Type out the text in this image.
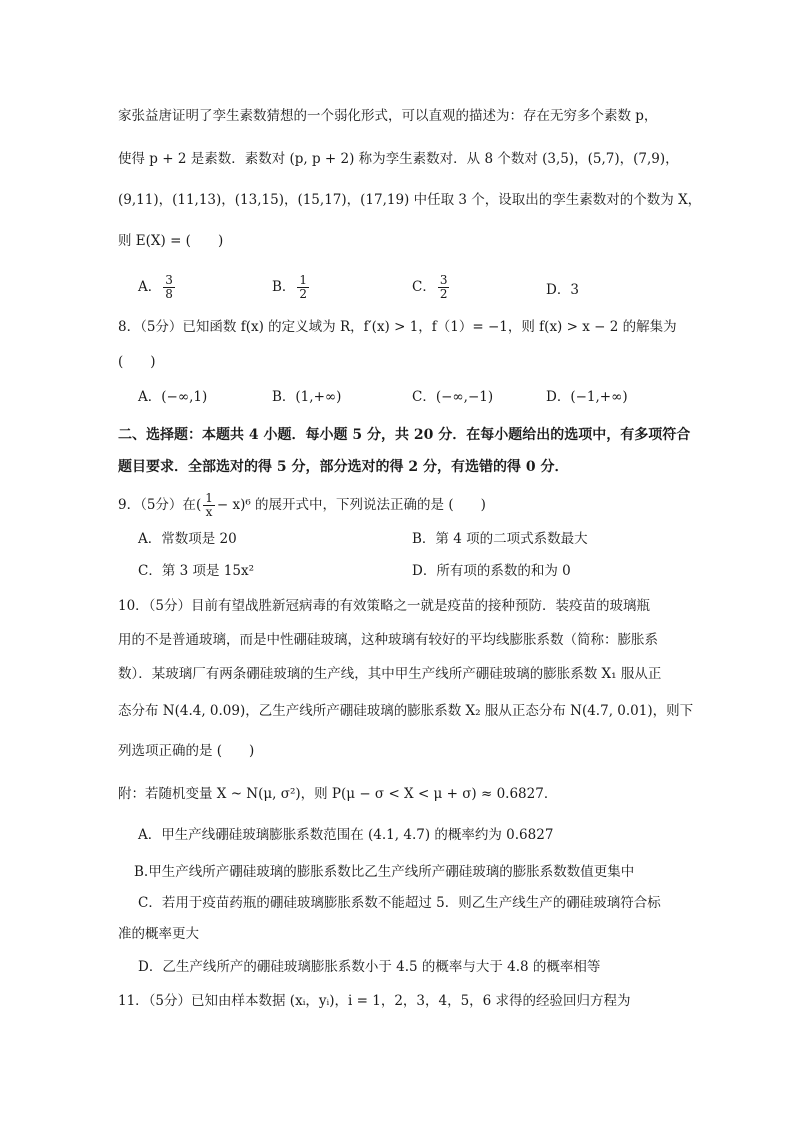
家张益唐证明了孪生素数猜想的一个弱化形式，可以直观的描述为：存在无穷多个素数 p，
使得 p + 2 是素数．素数对 (p, p + 2) 称为孪生素数对．从 8 个数对 (3,5)，(5,7)，(7,9)，
(9,11)，(11,13)，(13,15)，(15,17)，(17,19) 中任取 3 个，设取出的孪生素数对的个数为 X，
则 E(X) = (　　)
A． $\frac{3}{8}$	B． $\frac{1}{2}$	C． $\frac{3}{2}$	D．3
8．（5分）已知函数 f(x) 的定义域为 R，f′(x) > 1，f（1）= −1，则 f(x) > x − 2 的解集为
(　　)
A．(−∞,1)	B．(1,+∞)	C．(−∞,−1)	D．(−1,+∞)
二、选择题：本题共 4 小题．每小题 5 分，共 20 分．在每小题给出的选项中，有多项符合
题目要求．全部选对的得 5 分，部分选对的得 2 分，有选错的得 0 分．
9．（5分）在( $\frac{1}{x} - x)^6$ 的展开式中，下列说法正确的是 (　　)
A．常数项是 20	B．第 4 项的二项式系数最大
C．第 3 项是 15x²	D．所有项的系数的和为 0
10．（5分）目前有望战胜新冠病毒的有效策略之一就是疫苗的接种预防．装疫苗的玻璃瓶
用的不是普通玻璃，而是中性硼硅玻璃，这种玻璃有较好的平均线膨胀系数（简称：膨胀系
数）．某玻璃厂有两条硼硅玻璃的生产线，其中甲生产线所产硼硅玻璃的膨胀系数 X₁ 服从正
态分布 N(4.4, 0.09)，乙生产线所产硼硅玻璃的膨胀系数 X₂ 服从正态分布 N(4.7, 0.01)，则下
列选项正确的是 (　　)
附：若随机变量 X ~ N(μ, σ²)，则 P(μ − σ < X < μ + σ) ≈ 0.6827．
A．甲生产线硼硅玻璃膨胀系数范围在 (4.1, 4.7) 的概率约为 0.6827
B.甲生产线所产硼硅玻璃的膨胀系数比乙生产线所产硼硅玻璃的膨胀系数数值更集中
C．若用于疫苗药瓶的硼硅玻璃膨胀系数不能超过 5．则乙生产线生产的硼硅玻璃符合标
准的概率更大
D．乙生产线所产的硼硅玻璃膨胀系数小于 4.5 的概率与大于 4.8 的概率相等
11．（5分）已知由样本数据 (xᵢ，yᵢ)，i = 1，2，3，4，5，6 求得的经验回归方程为
